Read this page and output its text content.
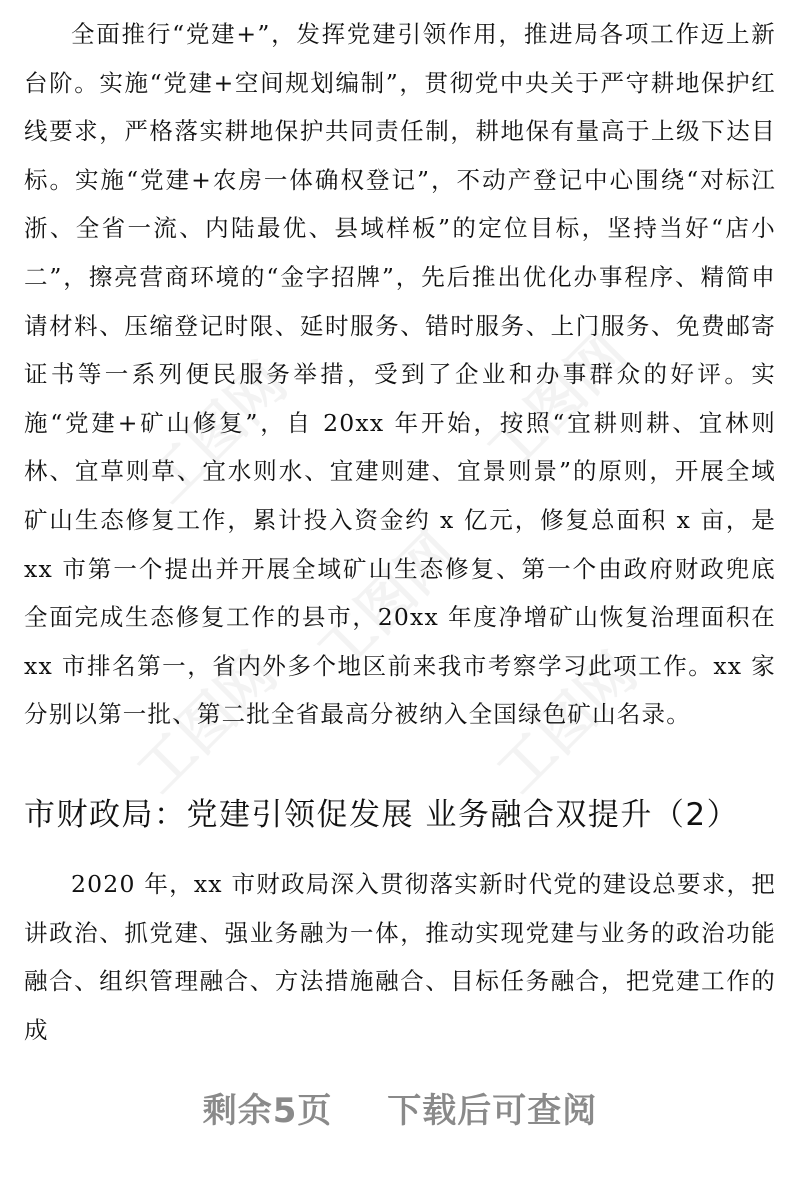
全面推行“党建+”，发挥党建引领作用，推进局各项工作迈上新台阶。实施“党建+空间规划编制”，贯彻党中央关于严守耕地保护红线要求，严格落实耕地保护共同责任制，耕地保有量高于上级下达目标。实施“党建+农房一体确权登记”，不动产登记中心围绕“对标江浙、全省一流、内陆最优、县域样板”的定位目标，坚持当好“店小二”，擦亮营商环境的“金字招牌”，先后推出优化办事程序、精简申请材料、压缩登记时限、延时服务、错时服务、上门服务、免费邮寄证书等一系列便民服务举措，受到了企业和办事群众的好评。实施“党建+矿山修复”，自 20xx 年开始，按照“宜耕则耕、宜林则林、宜草则草、宜水则水、宜建则建、宜景则景”的原则，开展全域矿山生态修复工作，累计投入资金约 x 亿元，修复总面积 x 亩，是 xx 市第一个提出并开展全域矿山生态修复、第一个由政府财政兜底全面完成生态修复工作的县市，20xx 年度净增矿山恢复治理面积在 xx 市排名第一，省内外多个地区前来我市考察学习此项工作。xx 家分别以第一批、第二批全省最高分被纳入全国绿色矿山名录。

市财政局：党建引领促发展 业务融合双提升（2）

2020 年，xx 市财政局深入贯彻落实新时代党的建设总要求，把讲政治、抓党建、强业务融为一体，推动实现党建与业务的政治功能融合、组织管理融合、方法措施融合、目标任务融合，把党建工作的成

剩余5页 下载后可查阅
